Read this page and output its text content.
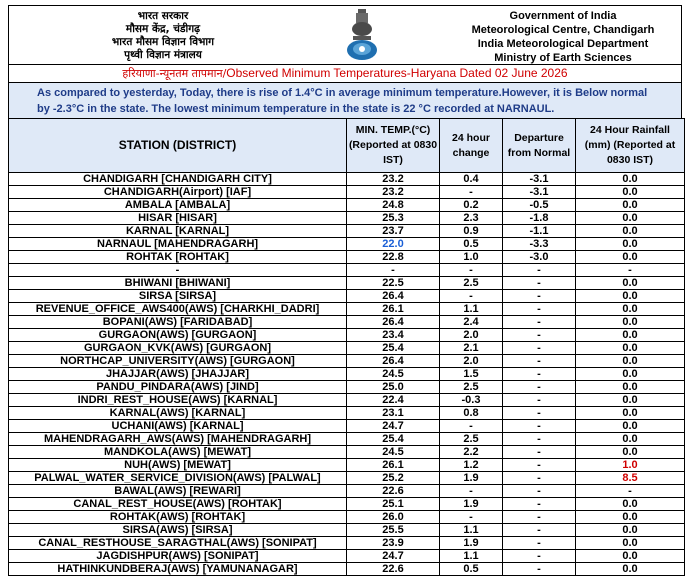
भारत सरकार
मौसम केंद्र, चंडीगढ़
भारत मौसम विज्ञान विभाग
पृथ्वी विज्ञान मंत्रालय
Government of India
Meteorological Centre, Chandigarh
India Meteorological Department
Ministry of Earth Sciences
हरियाणा-न्यूनतम तापमान/Observed Minimum Temperatures-Haryana Dated 02 June 2026

As compared to yesterday, Today, there is rise of 1.4°C in average minimum temperature.However, it is Below normal

by -2.3°C in the state. The lowest minimum temperature in the state is 22 °C recorded at NARNAUL.

STATION (DISTRICT)	MIN. TEMP.(°C) (Reported at 0830 IST)	24 hour change	Departure from Normal	24 Hour Rainfall (mm) (Reported at 0830 IST)
CHANDIGARH [CHANDIGARH CITY]	23.2	0.4	-3.1	0.0
CHANDIGARH(Airport) [IAF]	23.2	-	-3.1	0.0
AMBALA [AMBALA]	24.8	0.2	-0.5	0.0
HISAR [HISAR]	25.3	2.3	-1.8	0.0
KARNAL [KARNAL]	23.7	0.9	-1.1	0.0
NARNAUL [MAHENDRAGARH]	22.0	0.5	-3.3	0.0
ROHTAK [ROHTAK]	22.8	1.0	-3.0	0.0
-	-	-	-	-
BHIWANI [BHIWANI]	22.5	2.5	-	0.0
SIRSA [SIRSA]	26.4	-	-	0.0
REVENUE_OFFICE_AWS400(AWS) [CHARKHI_DADRI]	26.1	1.1	-	0.0
BOPANI(AWS) [FARIDABAD]	26.4	2.4	-	0.0
GURGAON(AWS) [GURGAON]	23.4	2.0	-	0.0
GURGAON_KVK(AWS) [GURGAON]	25.4	2.1	-	0.0
NORTHCAP_UNIVERSITY(AWS) [GURGAON]	26.4	2.0	-	0.0
JHAJJAR(AWS) [JHAJJAR]	24.5	1.5	-	0.0
PANDU_PINDARA(AWS) [JIND]	25.0	2.5	-	0.0
INDRI_REST_HOUSE(AWS) [KARNAL]	22.4	-0.3	-	0.0
KARNAL(AWS) [KARNAL]	23.1	0.8	-	0.0
UCHANI(AWS) [KARNAL]	24.7	-	-	0.0
MAHENDRAGARH_AWS(AWS) [MAHENDRAGARH]	25.4	2.5	-	0.0
MANDKOLA(AWS) [MEWAT]	24.5	2.2	-	0.0
NUH(AWS) [MEWAT]	26.1	1.2	-	1.0
PALWAL_WATER_SERVICE_DIVISION(AWS) [PALWAL]	25.2	1.9	-	8.5
BAWAL(AWS) [REWARI]	22.6	-	-	-
CANAL_REST_HOUSE(AWS) [ROHTAK]	25.1	1.9	-	0.0
ROHTAK(AWS) [ROHTAK]	26.0	-	-	0.0
SIRSA(AWS) [SIRSA]	25.5	1.1	-	0.0
CANAL_RESTHOUSE_SARAGTHAL(AWS) [SONIPAT]	23.9	1.9	-	0.0
JAGDISHPUR(AWS) [SONIPAT]	24.7	1.1	-	0.0
HATHINKUNDBERAJ(AWS) [YAMUNANAGAR]	22.6	0.5	-	0.0
